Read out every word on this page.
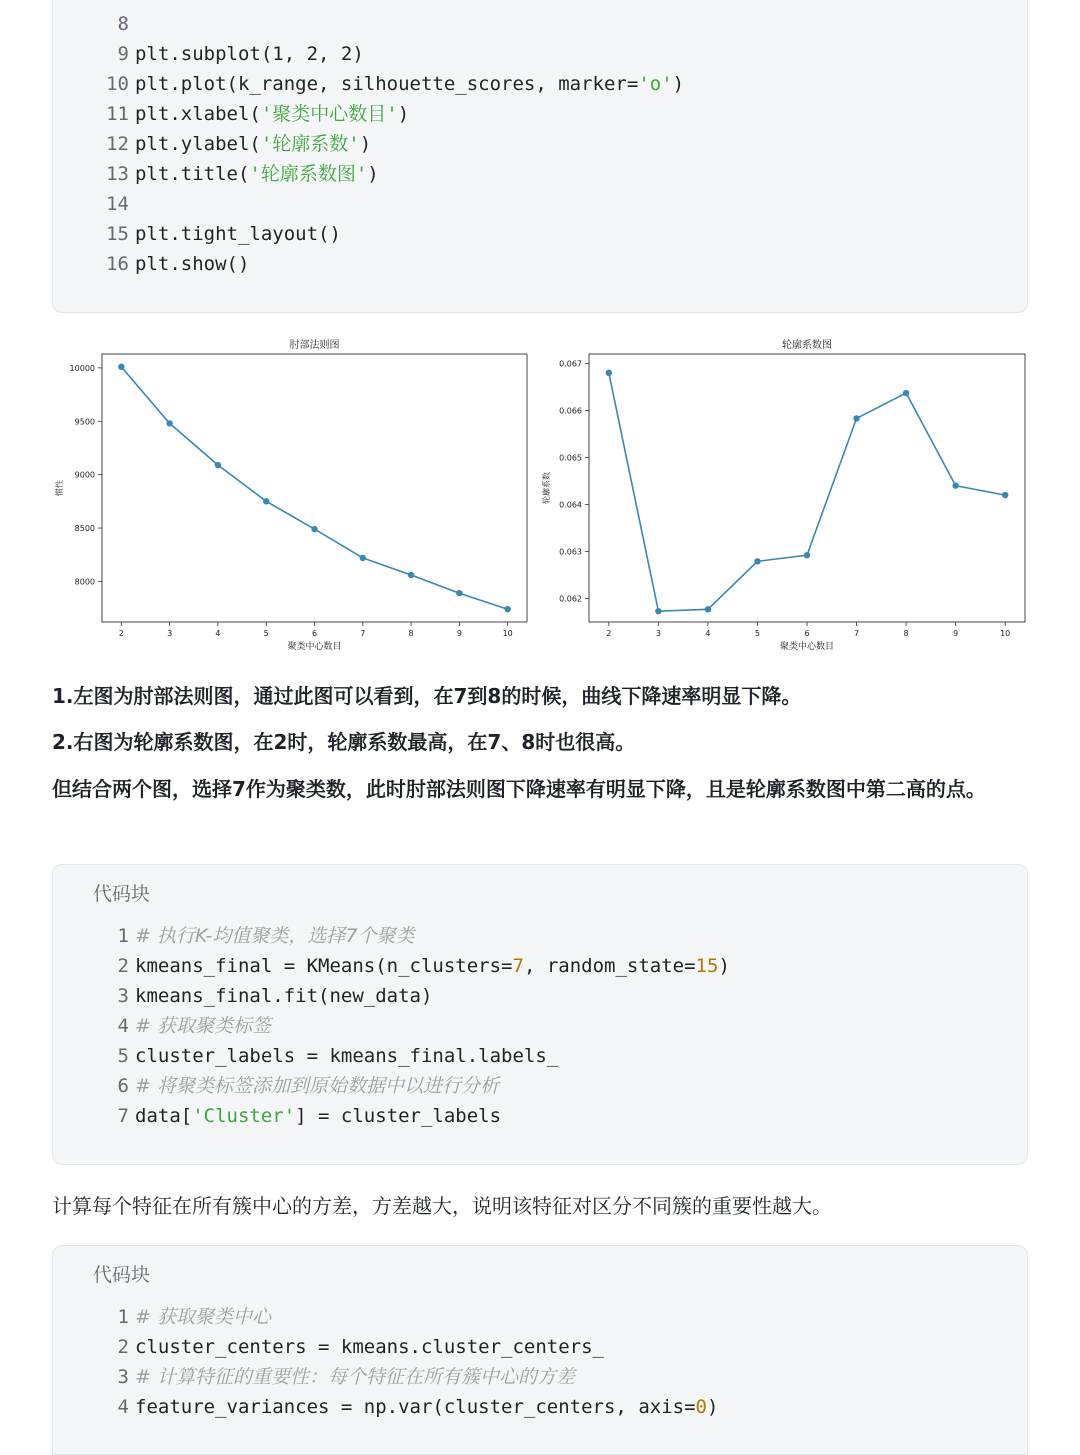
8
9 plt.subplot(1, 2, 2)
10 plt.plot(k_range, silhouette_scores, marker='o')
11 plt.xlabel('聚类中心数目')
12 plt.ylabel('轮廓系数')
13 plt.title('轮廓系数图')
14
15 plt.tight_layout()
16 plt.show()
肘部法则图
聚类中心数目
惯性
2	3	4	5	6	7	8	9	10
8000
8500
9000
9500
10000
轮廓系数图
聚类中心数目
轮廓系数
2	3	4	5	6	7	8	9	10
0.062
0.063
0.064
0.065
0.066
0.067
1.左图为肘部法则图，通过此图可以看到，在7到8的时候，曲线下降速率明显下降。
2.右图为轮廓系数图，在2时，轮廓系数最高，在7、8时也很高。
但结合两个图，选择7作为聚类数，此时肘部法则图下降速率有明显下降，且是轮廓系数图中第二高的点。
代码块
1 # 执行K-均值聚类，选择7个聚类
2 kmeans_final = KMeans(n_clusters=7, random_state=15)
3 kmeans_final.fit(new_data)
4 # 获取聚类标签
5 cluster_labels = kmeans_final.labels_
6 # 将聚类标签添加到原始数据中以进行分析
7 data['Cluster'] = cluster_labels
计算每个特征在所有簇中心的方差，方差越大，说明该特征对区分不同簇的重要性越大。
代码块
1 # 获取聚类中心
2 cluster_centers = kmeans.cluster_centers_
3 # 计算特征的重要性：每个特征在所有簇中心的方差
4 feature_variances = np.var(cluster_centers, axis=0)
